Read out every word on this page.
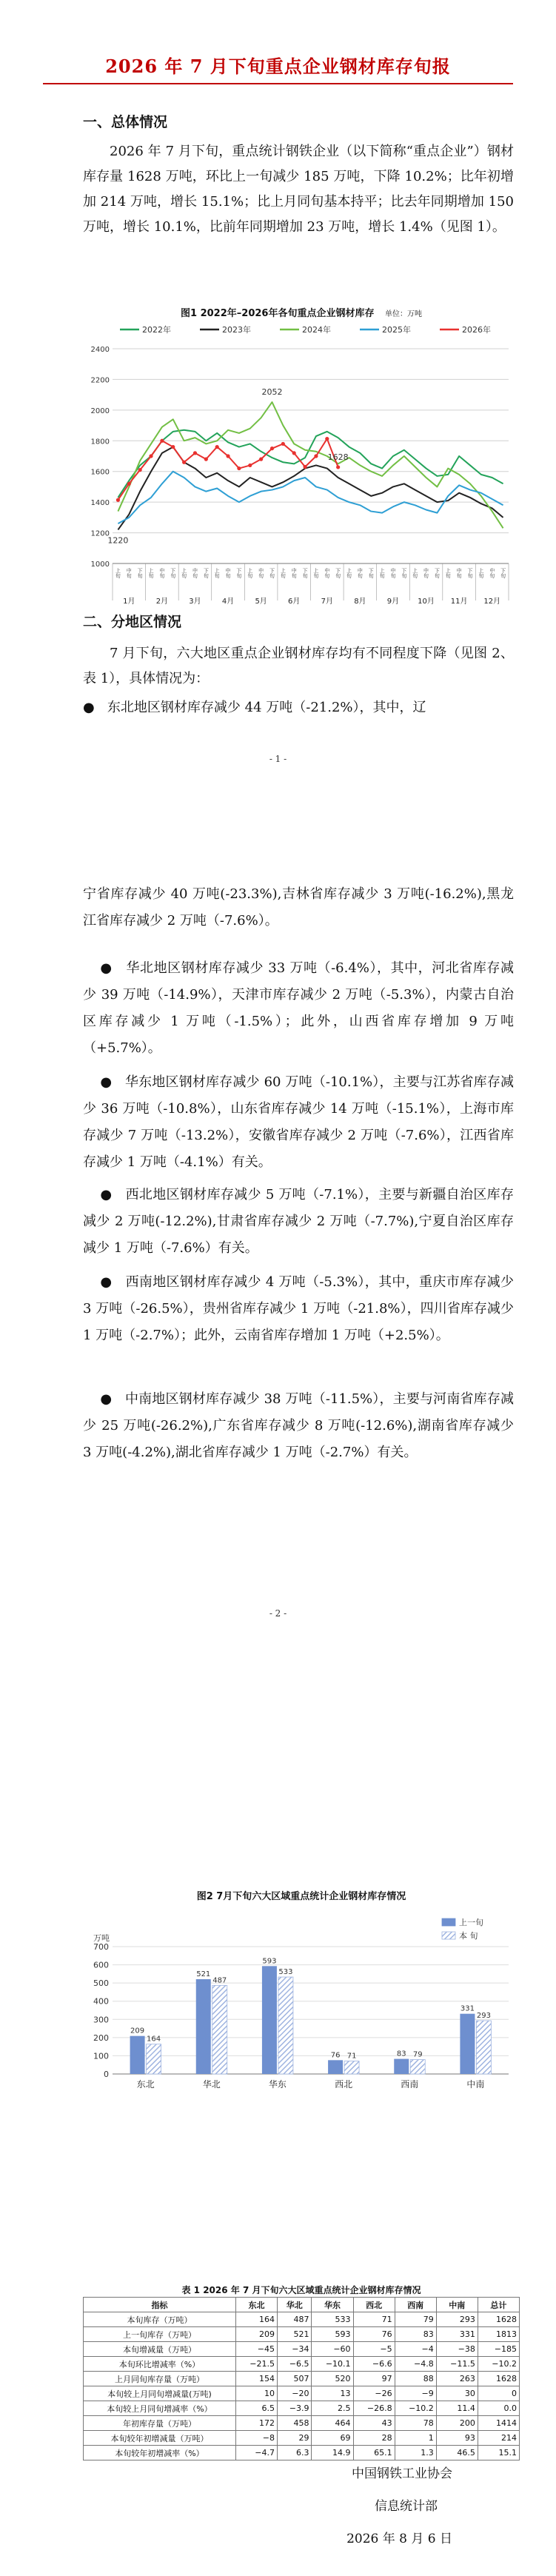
2026 年 7 月下旬重点企业钢材库存旬报
一、总体情况
2026 年 7 月下旬，重点统计钢铁企业（以下简称“重点企业”）钢材库存量 1628 万吨，环比上一旬减少 185 万吨，下降 10.2%；比年初增加 214 万吨，增长 15.1%；比上月同旬基本持平；比去年同期增加 150 万吨，增长 10.1%，比前年同期增加 23 万吨，增长 1.4%（见图 1）。
图1 2022年–2026年各旬重点企业钢材库存 单位：万吨
2022年	2023年	2024年	2025年	2026年
1000
1200
1400
1600
1800
2000
2200
2400
上旬 中旬 下旬 上旬 中旬 下旬 上旬 中旬 下旬 上旬 中旬 下旬 上旬 中旬 下旬 上旬 中旬 下旬 上旬 中旬 下旬 上旬 中旬 下旬 上旬 中旬 下旬 上旬 中旬 下旬 上旬 中旬 下旬 上旬 中旬 下旬
1月	2月	3月	4月	5月	6月	7月	8月	9月	10月 11月 12月
2052
1628
1220
二、分地区情况
7 月下旬，六大地区重点企业钢材库存均有不同程度下降（见图 2、表 1），具体情况为：
● 东北地区钢材库存减少 44 万吨（-21.2%），其中，辽
- 1 -
宁省库存减少 40 万吨(-23.3%),吉林省库存减少 3 万吨(-16.2%),黑龙江省库存减少 2 万吨（-7.6%）。
● 华北地区钢材库存减少 33 万吨（-6.4%），其中，河北省库存减少 39 万吨（-14.9%），天津市库存减少 2 万吨（-5.3%），内蒙古自治区库存减少 1 万吨（-1.5%）；此外，山西省库存增加 9 万吨（+5.7%）。
● 华东地区钢材库存减少 60 万吨（-10.1%），主要与江苏省库存减少 36 万吨（-10.8%），山东省库存减少 14 万吨（-15.1%），上海市库存减少 7 万吨（-13.2%），安徽省库存减少 2 万吨（-7.6%），江西省库存减少 1 万吨（-4.1%）有关。
● 西北地区钢材库存减少 5 万吨（-7.1%），主要与新疆自治区库存减少 2 万吨(-12.2%),甘肃省库存减少 2 万吨（-7.7%),宁夏自治区库存减少 1 万吨（-7.6%）有关。
● 西南地区钢材库存减少 4 万吨（-5.3%），其中，重庆市库存减少 3 万吨（-26.5%），贵州省库存减少 1 万吨（-21.8%），四川省库存减少 1 万吨（-2.7%）；此外，云南省库存增加 1 万吨（+2.5%）。
● 中南地区钢材库存减少 38 万吨（-11.5%），主要与河南省库存减少 25 万吨(-26.2%),广东省库存减少 8 万吨(-12.6%),湖南省库存减少 3 万吨(-4.2%),湖北省库存减少 1 万吨（-2.7%）有关。
- 2 -
图2 7月下旬六大区域重点统计企业钢材库存情况
万吨
0
100
200
300
400
500
600
700
上一旬
本 旬
209
164
东北
521
487
华北
593
533
华东
76 71
西北
83 79
西南
331
293
中南
表 1 2026 年 7 月下旬六大区域重点统计企业钢材库存情况
指标	东北	华北	华东	西北	西南	中南	总计
本旬库存（万吨）	164	487	533	71	79	293	1628
上一旬库存（万吨）	209	521	593	76	83	331	1813
本旬增减量（万吨）	−45	−34	−60	−5	−4	−38	−185
本旬环比增减率（%）	−21.5	−6.5	−10.1	−6.6	−4.8	−11.5	−10.2
上月同旬库存量（万吨）	154	507	520	97	88	263	1628
本旬较上月同旬增减量(万吨)	10	−20	13	−26	−9	30	0
本旬较上月同旬增减率（%）	6.5	−3.9	2.5	−26.8	−10.2	11.4	0.0
年初库存量（万吨）	172	458	464	43	78	200	1414
本旬较年初增减量（万吨）	−8	29	69	28	1	93	214
本旬较年初增减率（%）	−4.7	6.3	14.9	65.1	1.3	46.5	15.1
中国钢铁工业协会
信息统计部
2026 年 8 月 6 日
